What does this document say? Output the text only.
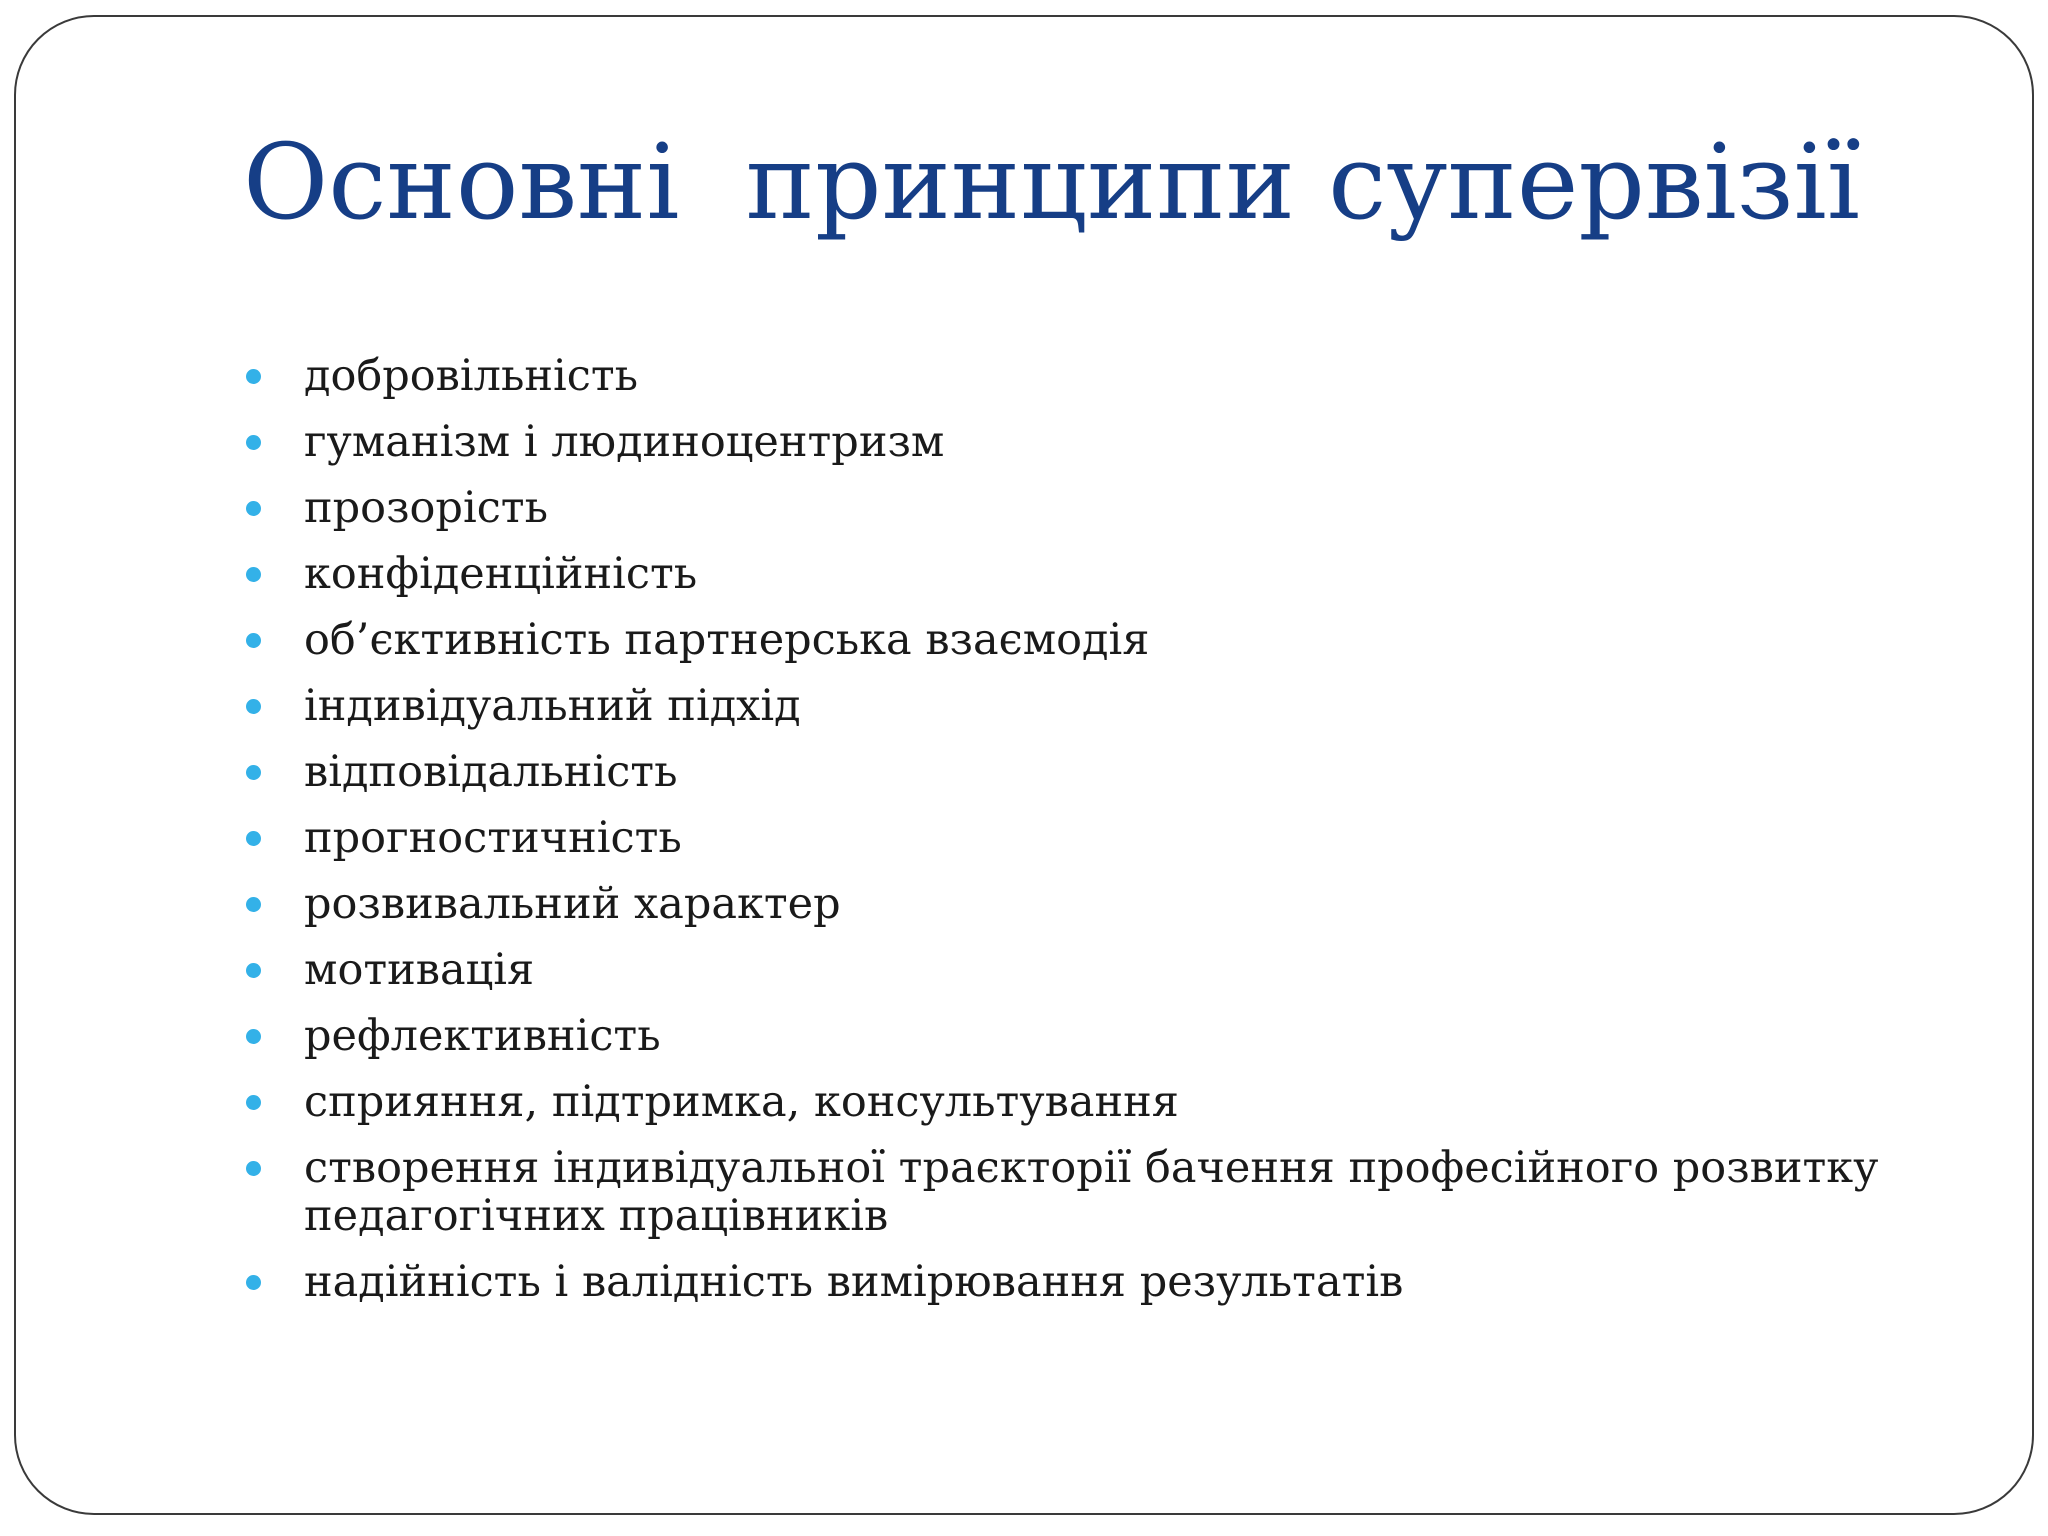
Основні  принципи супервізії
добровільність
гуманізм і людиноцентризм
прозорість
конфіденційність
об’єктивність партнерська взаємодія
індивідуальний підхід
відповідальність
прогностичність
розвивальний характер
мотивація
рефлективність
сприяння, підтримка, консультування
створення індивідуальної траєкторії бачення професійного розвитку педагогічних працівників
надійність і валідність вимірювання результатів
